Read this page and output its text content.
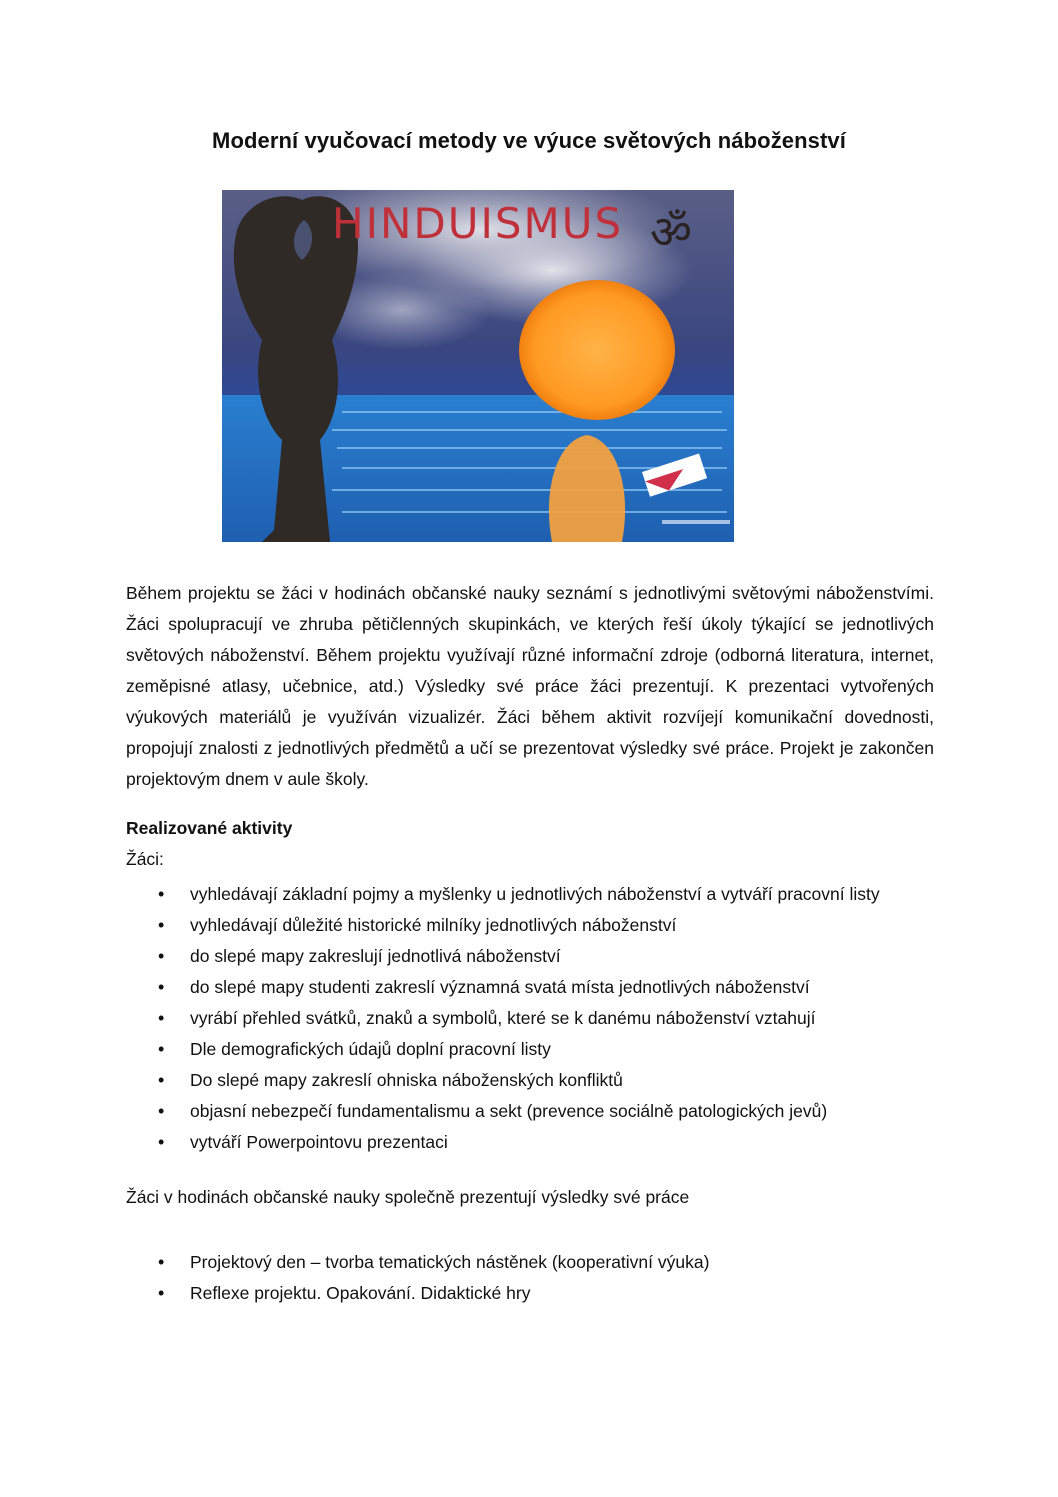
Moderní vyučovací metody ve výuce světových náboženství
HINDUISMUS ॐ
Během projektu se žáci v hodinách občanské nauky seznámí s jednotlivými světovými náboženstvími. Žáci spolupracují ve zhruba pětičlenných skupinkách, ve kterých řeší úkoly týkající se jednotlivých světových náboženství. Během projektu využívají různé informační zdroje (odborná literatura, internet, zeměpisné atlasy, učebnice, atd.) Výsledky své práce žáci prezentují. K prezentaci vytvořených výukových materiálů je využíván vizualizér. Žáci během aktivit rozvíjejí komunikační dovednosti, propojují znalosti z jednotlivých předmětů a učí se prezentovat výsledky své práce. Projekt je zakončen projektovým dnem v aule školy.
Realizované aktivity
Žáci:
• vyhledávají základní pojmy a myšlenky u jednotlivých náboženství a vytváří pracovní listy
• vyhledávají důležité historické milníky jednotlivých náboženství
• do slepé mapy zakreslují jednotlivá náboženství
• do slepé mapy studenti zakreslí významná svatá místa jednotlivých náboženství
• vyrábí přehled svátků, znaků a symbolů, které se k danému náboženství vztahují
• Dle demografických údajů doplní pracovní listy
• Do slepé mapy zakreslí ohniska náboženských konfliktů
• objasní nebezpečí fundamentalismu a sekt (prevence sociálně patologických jevů)
• vytváří Powerpointovu prezentaci
Žáci v hodinách občanské nauky společně prezentují výsledky své práce
• Projektový den – tvorba tematických nástěnek (kooperativní výuka)
• Reflexe projektu. Opakování. Didaktické hry
